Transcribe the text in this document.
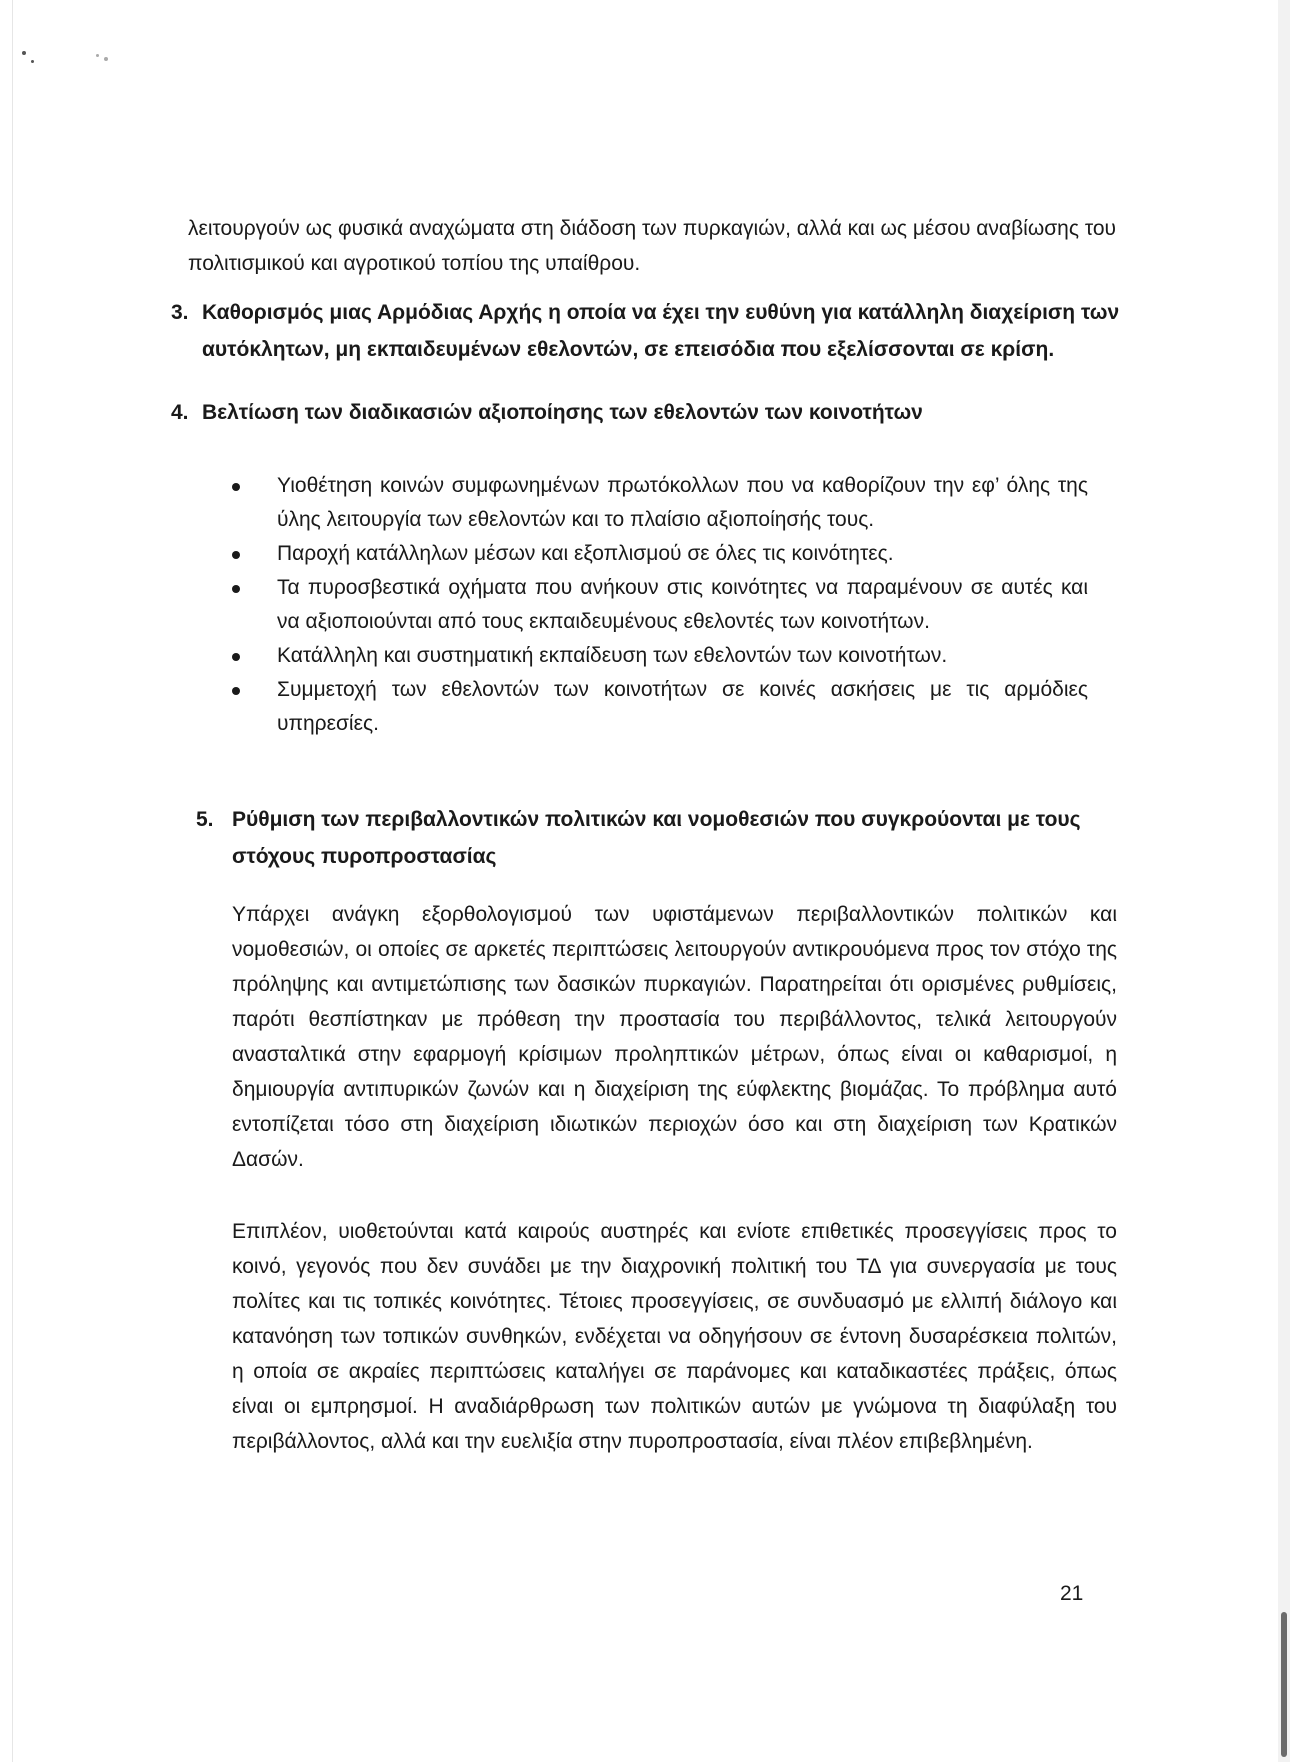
λειτουργούν ως φυσικά αναχώματα στη διάδοση των πυρκαγιών, αλλά και ως μέσου αναβίωσης του πολιτισμικού και αγροτικού τοπίου της υπαίθρου.

3. Καθορισμός μιας Αρμόδιας Αρχής η οποία να έχει την ευθύνη για κατάλληλη διαχείριση των αυτόκλητων, μη εκπαιδευμένων εθελοντών, σε επεισόδια που εξελίσσονται σε κρίση.
4. Βελτίωση των διαδικασιών αξιοποίησης των εθελοντών των κοινοτήτων
Υιοθέτηση κοινών συμφωνημένων πρωτόκολλων που να καθορίζουν την εφ’ όλης της ύλης λειτουργία των εθελοντών και το πλαίσιο αξιοποίησής τους.
Παροχή κατάλληλων μέσων και εξοπλισμού σε όλες τις κοινότητες.
Τα πυροσβεστικά οχήματα που ανήκουν στις κοινότητες να παραμένουν σε αυτές και να αξιοποιούνται από τους εκπαιδευμένους εθελοντές των κοινοτήτων.
Κατάλληλη και συστηματική εκπαίδευση των εθελοντών των κοινοτήτων.
Συμμετοχή των εθελοντών των κοινοτήτων σε κοινές ασκήσεις με τις αρμόδιες υπηρεσίες.
5. Ρύθμιση των περιβαλλοντικών πολιτικών και νομοθεσιών που συγκρούονται με τους στόχους πυροπροστασίας

Υπάρχει ανάγκη εξορθολογισμού των υφιστάμενων περιβαλλοντικών πολιτικών και νομοθεσιών, οι οποίες σε αρκετές περιπτώσεις λειτουργούν αντικρουόμενα προς τον στόχο της πρόληψης και αντιμετώπισης των δασικών πυρκαγιών. Παρατηρείται ότι ορισμένες ρυθμίσεις, παρότι θεσπίστηκαν με πρόθεση την προστασία του περιβάλλοντος, τελικά λειτουργούν ανασταλτικά στην εφαρμογή κρίσιμων προληπτικών μέτρων, όπως είναι οι καθαρισμοί, η δημιουργία αντιπυρικών ζωνών και η διαχείριση της εύφλεκτης βιομάζας. Το πρόβλημα αυτό εντοπίζεται τόσο στη διαχείριση ιδιωτικών περιοχών όσο και στη διαχείριση των Κρατικών Δασών.

Επιπλέον, υιοθετούνται κατά καιρούς αυστηρές και ενίοτε επιθετικές προσεγγίσεις προς το κοινό, γεγονός που δεν συνάδει με την διαχρονική πολιτική του ΤΔ για συνεργασία με τους πολίτες και τις τοπικές κοινότητες. Τέτοιες προσεγγίσεις, σε συνδυασμό με ελλιπή διάλογο και κατανόηση των τοπικών συνθηκών, ενδέχεται να οδηγήσουν σε έντονη δυσαρέσκεια πολιτών, η οποία σε ακραίες περιπτώσεις καταλήγει σε παράνομες και καταδικαστέες πράξεις, όπως είναι οι εμπρησμοί. Η αναδιάρθρωση των πολιτικών αυτών με γνώμονα τη διαφύλαξη του περιβάλλοντος, αλλά και την ευελιξία στην πυροπροστασία, είναι πλέον επιβεβλημένη.

21
